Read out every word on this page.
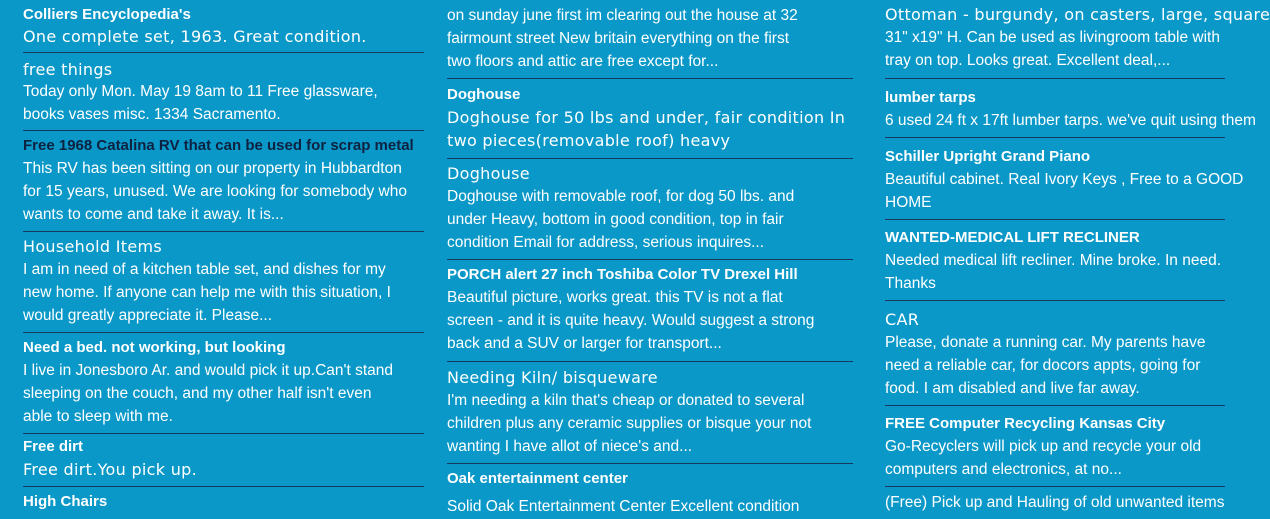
Colliers Encyclopedia's
One complete set, 1963. Great condition.
free things
Today only Mon. May 19 8am to 11 Free glassware,
books vases misc. 1334 Sacramento.
Free 1968 Catalina RV that can be used for scrap metal
This RV has been sitting on our property in Hubbardton
for 15 years, unused. We are looking for somebody who
wants to come and take it away. It is...
Household Items
I am in need of a kitchen table set, and dishes for my
new home. If anyone can help me with this situation, I
would greatly appreciate it. Please...
Need a bed. not working, but looking
I live in Jonesboro Ar. and would pick it up.Can't stand
sleeping on the couch, and my other half isn't even
able to sleep with me.
Free dirt
Free dirt.You pick up.
High Chairs
on sunday june first im clearing out the house at 32
fairmount street New britain everything on the first
two floors and attic are free except for...
Doghouse
Doghouse for 50 lbs and under, fair condition In
two pieces(removable roof) heavy
Doghouse
Doghouse with removable roof, for dog 50 lbs. and
under Heavy, bottom in good condition, top in fair
condition Email for address, serious inquires...
PORCH alert 27 inch Toshiba Color TV Drexel Hill
Beautiful picture, works great. this TV is not a flat
screen - and it is quite heavy. Would suggest a strong
back and a SUV or larger for transport...
Needing Kiln/ bisqueware
I'm needing a kiln that's cheap or donated to several
children plus any ceramic supplies or bisque your not
wanting I have allot of niece's and...
Oak entertainment center
Solid Oak Entertainment Center Excellent condition
Ottoman - burgundy, on casters, large, square
31" x19" H. Can be used as livingroom table with
tray on top. Looks great. Excellent deal,...
lumber tarps
6 used 24 ft x 17ft lumber tarps. we've quit using them
Schiller Upright Grand Piano
Beautiful cabinet. Real Ivory Keys , Free to a GOOD
HOME
WANTED-MEDICAL LIFT RECLINER
Needed medical lift recliner. Mine broke. In need.
Thanks
CAR
Please, donate a running car. My parents have
need a reliable car, for docors appts, going for
food. I am disabled and live far away.
FREE Computer Recycling Kansas City
Go-Recyclers will pick up and recycle your old
computers and electronics, at no...
(Free) Pick up and Hauling of old unwanted items
